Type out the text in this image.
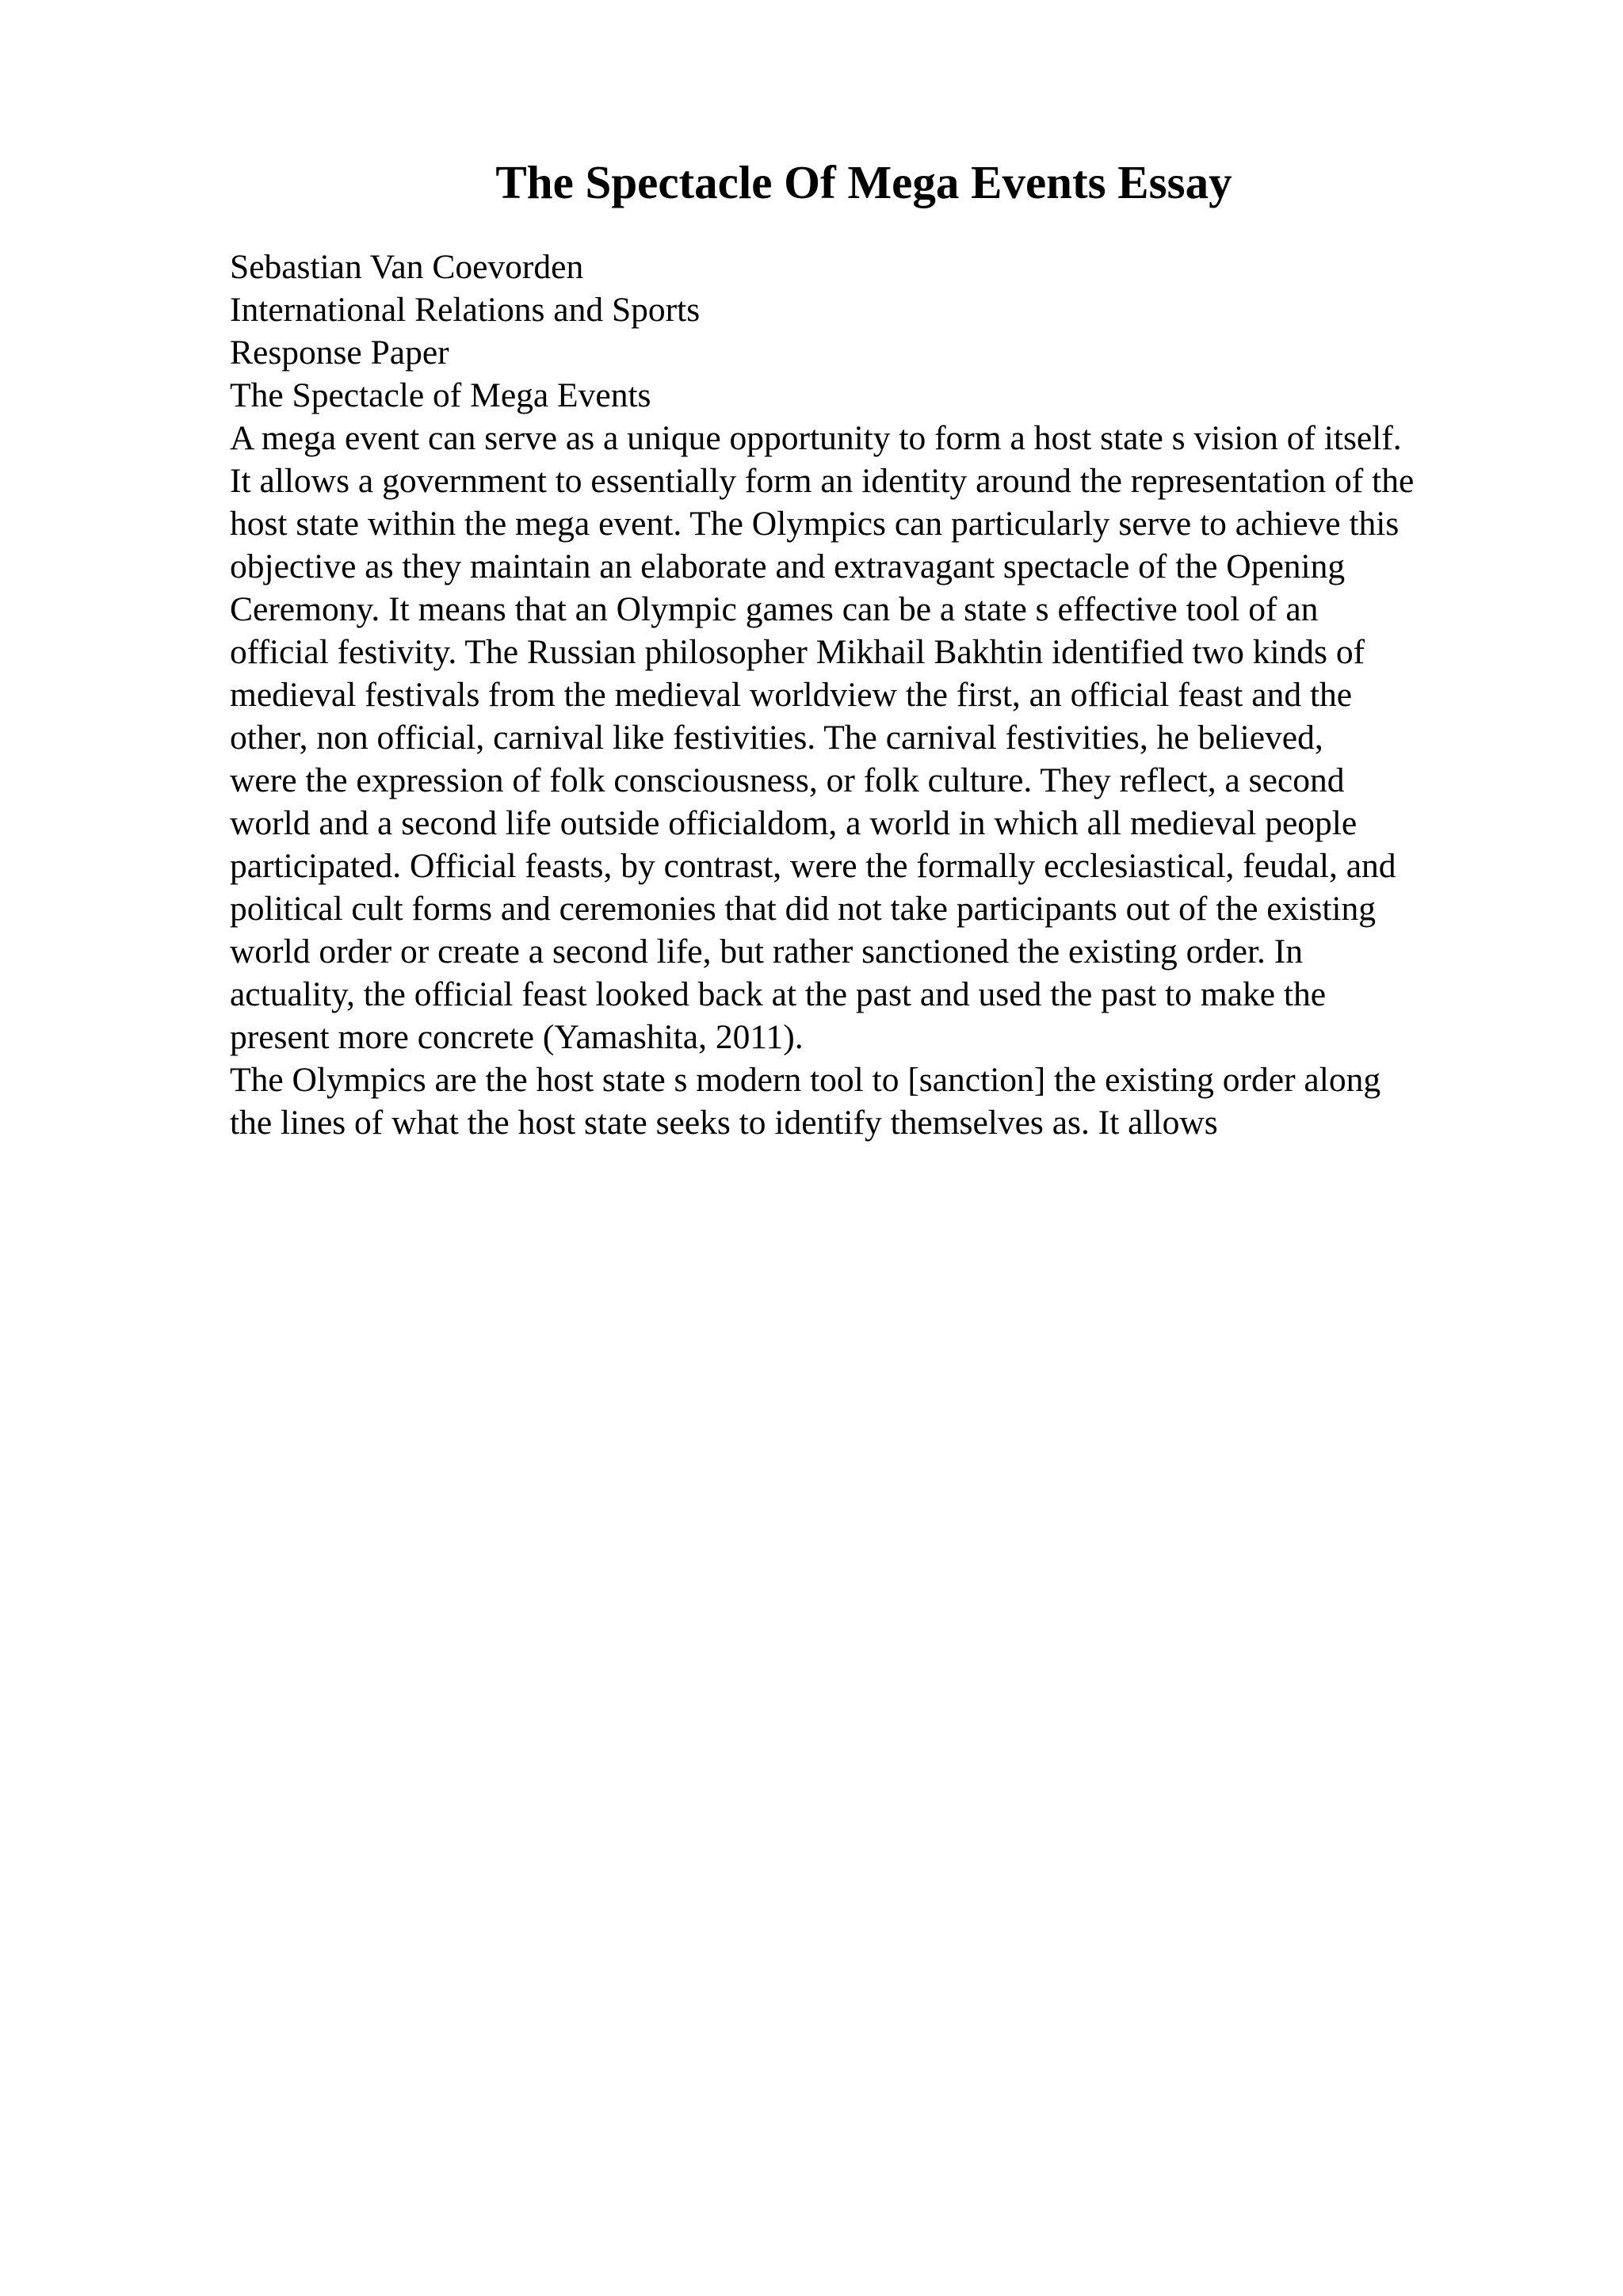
The Spectacle Of Mega Events Essay

Sebastian Van Coevorden

International Relations and Sports

Response Paper

The Spectacle of Mega Events

A mega event can serve as a unique opportunity to form a host state s vision of itself.

It allows a government to essentially form an identity around the representation of the

host state within the mega event. The Olympics can particularly serve to achieve this

objective as they maintain an elaborate and extravagant spectacle of the Opening

Ceremony. It means that an Olympic games can be a state s effective tool of an

official festivity. The Russian philosopher Mikhail Bakhtin identified two kinds of

medieval festivals from the medieval worldview the first, an official feast and the

other, non official, carnival like festivities. The carnival festivities, he believed,

were the expression of folk consciousness, or folk culture. They reflect, a second

world and a second life outside officialdom, a world in which all medieval people

participated. Official feasts, by contrast, were the formally ecclesiastical, feudal, and

political cult forms and ceremonies that did not take participants out of the existing

world order or create a second life, but rather sanctioned the existing order. In

actuality, the official feast looked back at the past and used the past to make the

present more concrete (Yamashita, 2011).

The Olympics are the host state s modern tool to [sanction] the existing order along

the lines of what the host state seeks to identify themselves as. It allows
